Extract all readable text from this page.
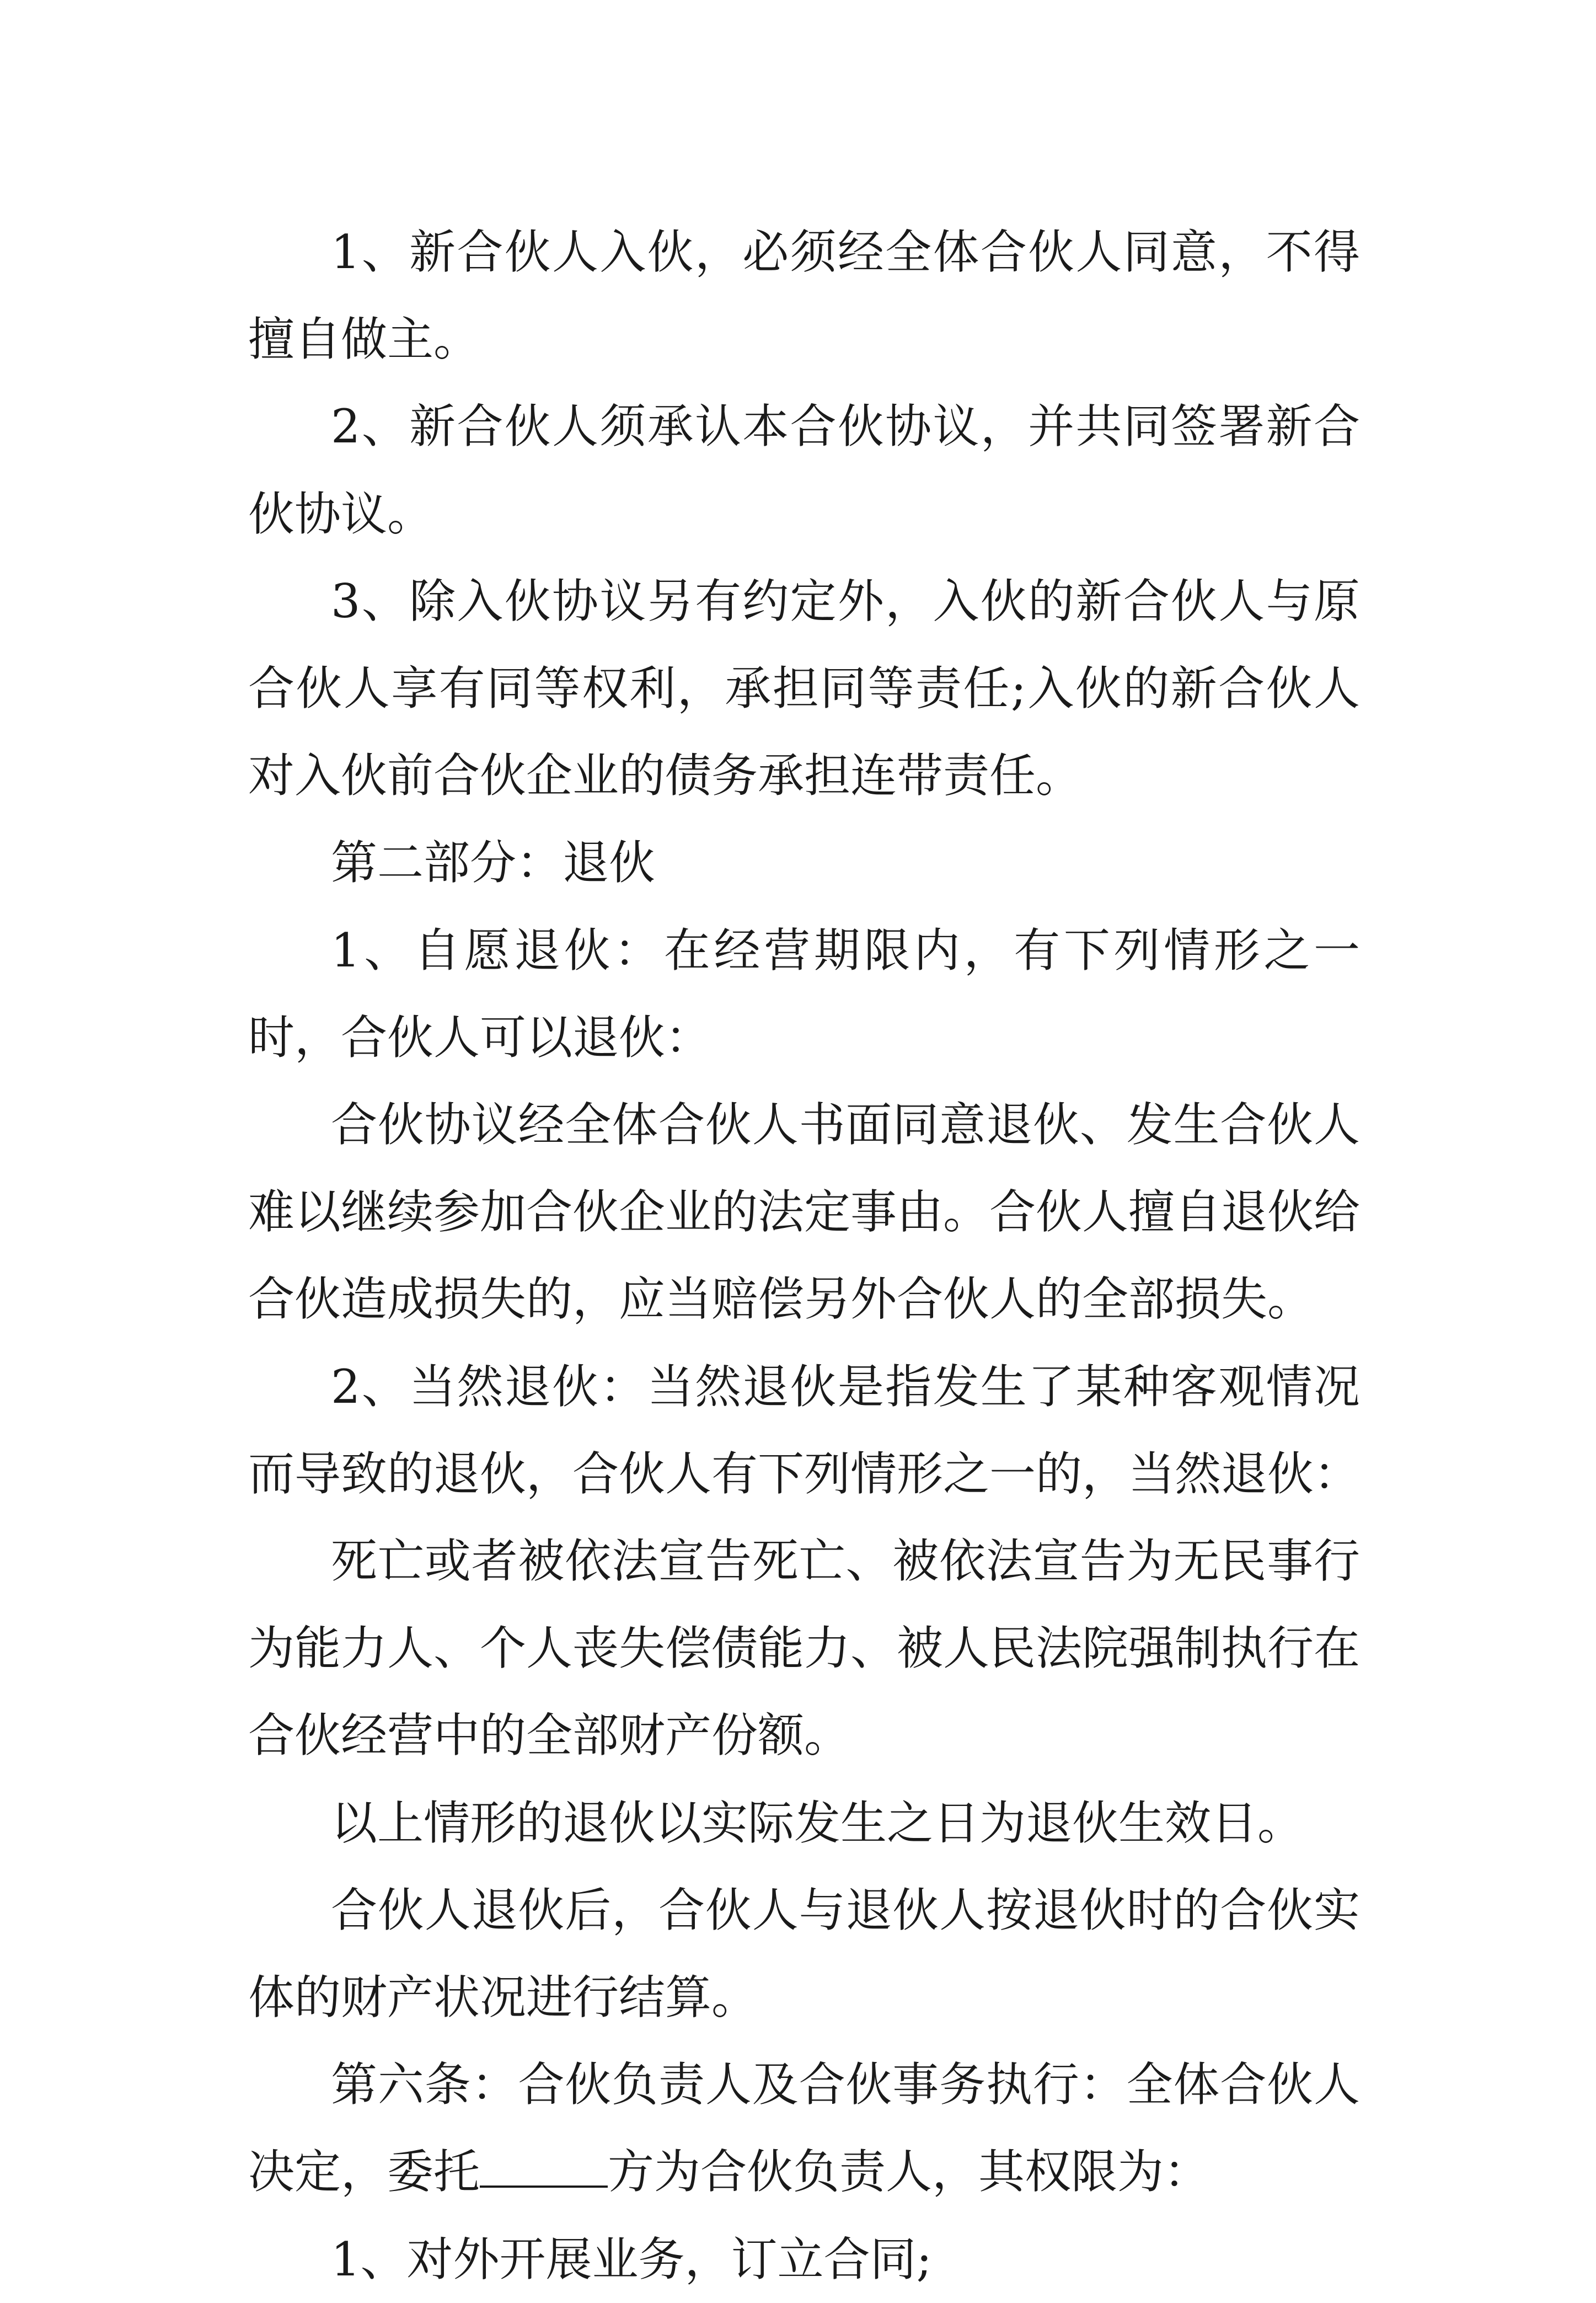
1、新合伙人入伙，必须经全体合伙人同意，不得擅自做主。

2、新合伙人须承认本合伙协议，并共同签署新合伙协议。

3、除入伙协议另有约定外，入伙的新合伙人与原合伙人享有同等权利，承担同等责任;入伙的新合伙人对入伙前合伙企业的债务承担连带责任。

第二部分：退伙

1、自愿退伙：在经营期限内，有下列情形之一时，合伙人可以退伙：

合伙协议经全体合伙人书面同意退伙、发生合伙人难以继续参加合伙企业的法定事由。合伙人擅自退伙给合伙造成损失的，应当赔偿另外合伙人的全部损失。

2、当然退伙：当然退伙是指发生了某种客观情况而导致的退伙，合伙人有下列情形之一的，当然退伙：

死亡或者被依法宣告死亡、被依法宣告为无民事行为能力人、个人丧失偿债能力、被人民法院强制执行在合伙经营中的全部财产份额。

以上情形的退伙以实际发生之日为退伙生效日。

合伙人退伙后，合伙人与退伙人按退伙时的合伙实体的财产状况进行结算。

第六条：合伙负责人及合伙事务执行：全体合伙人决定，委托	方为合伙负责人，其权限为：

1、对外开展业务，订立合同;
